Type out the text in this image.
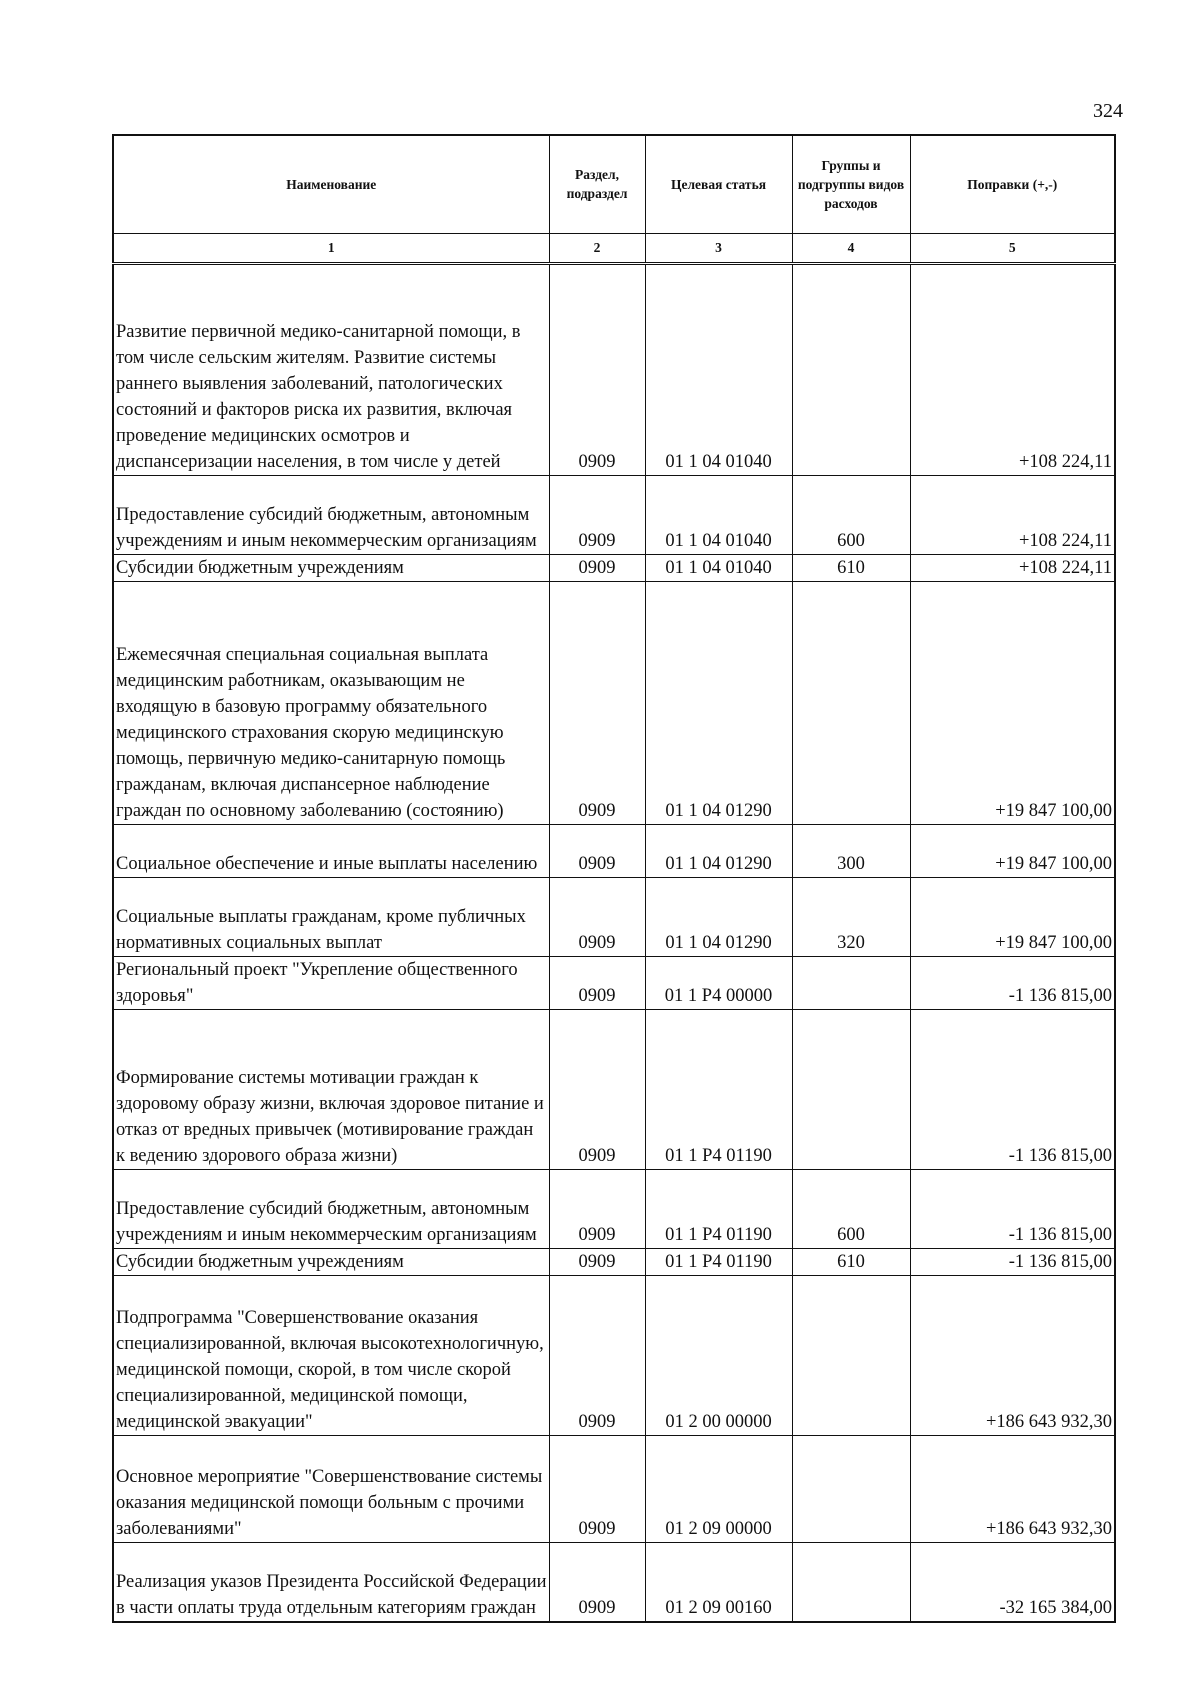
324
Наименование	Раздел, подраздел	Целевая статья	Группы и подгруппы видов расходов	Поправки (+,-)
1	2	3	4	5
Развитие первичной медико-санитарной помощи, в том числе сельским жителям. Развитие системы раннего выявления заболеваний, патологических состояний и факторов риска их развития, включая проведение медицинских осмотров и диспансеризации населения, в том числе у детей	0909	01 1 04 01040		+108 224,11
Предоставление субсидий бюджетным, автономным учреждениям и иным некоммерческим организациям	0909	01 1 04 01040	600	+108 224,11
Субсидии бюджетным учреждениям	0909	01 1 04 01040	610	+108 224,11
Ежемесячная специальная социальная выплата медицинским работникам, оказывающим не входящую в базовую программу обязательного медицинского страхования скорую медицинскую помощь, первичную медико-санитарную помощь гражданам, включая диспансерное наблюдение граждан по основному заболеванию (состоянию)	0909	01 1 04 01290		+19 847 100,00
Социальное обеспечение и иные выплаты населению	0909	01 1 04 01290	300	+19 847 100,00
Социальные выплаты гражданам, кроме публичных нормативных социальных выплат	0909	01 1 04 01290	320	+19 847 100,00
Региональный проект "Укрепление общественного здоровья"	0909	01 1 P4 00000		-1 136 815,00
Формирование системы мотивации граждан к здоровому образу жизни, включая здоровое питание и отказ от вредных привычек (мотивирование граждан к ведению здорового образа жизни)	0909	01 1 P4 01190		-1 136 815,00
Предоставление субсидий бюджетным, автономным учреждениям и иным некоммерческим организациям	0909	01 1 P4 01190	600	-1 136 815,00
Субсидии бюджетным учреждениям	0909	01 1 P4 01190	610	-1 136 815,00
Подпрограмма "Совершенствование оказания специализированной, включая высокотехнологичную, медицинской помощи, скорой, в том числе скорой специализированной, медицинской помощи, медицинской эвакуации"	0909	01 2 00 00000		+186 643 932,30
Основное мероприятие "Совершенствование системы оказания медицинской помощи больным с прочими заболеваниями"	0909	01 2 09 00000		+186 643 932,30
Реализация указов Президента Российской Федерации в части оплаты труда отдельным категориям граждан	0909	01 2 09 00160		-32 165 384,00
